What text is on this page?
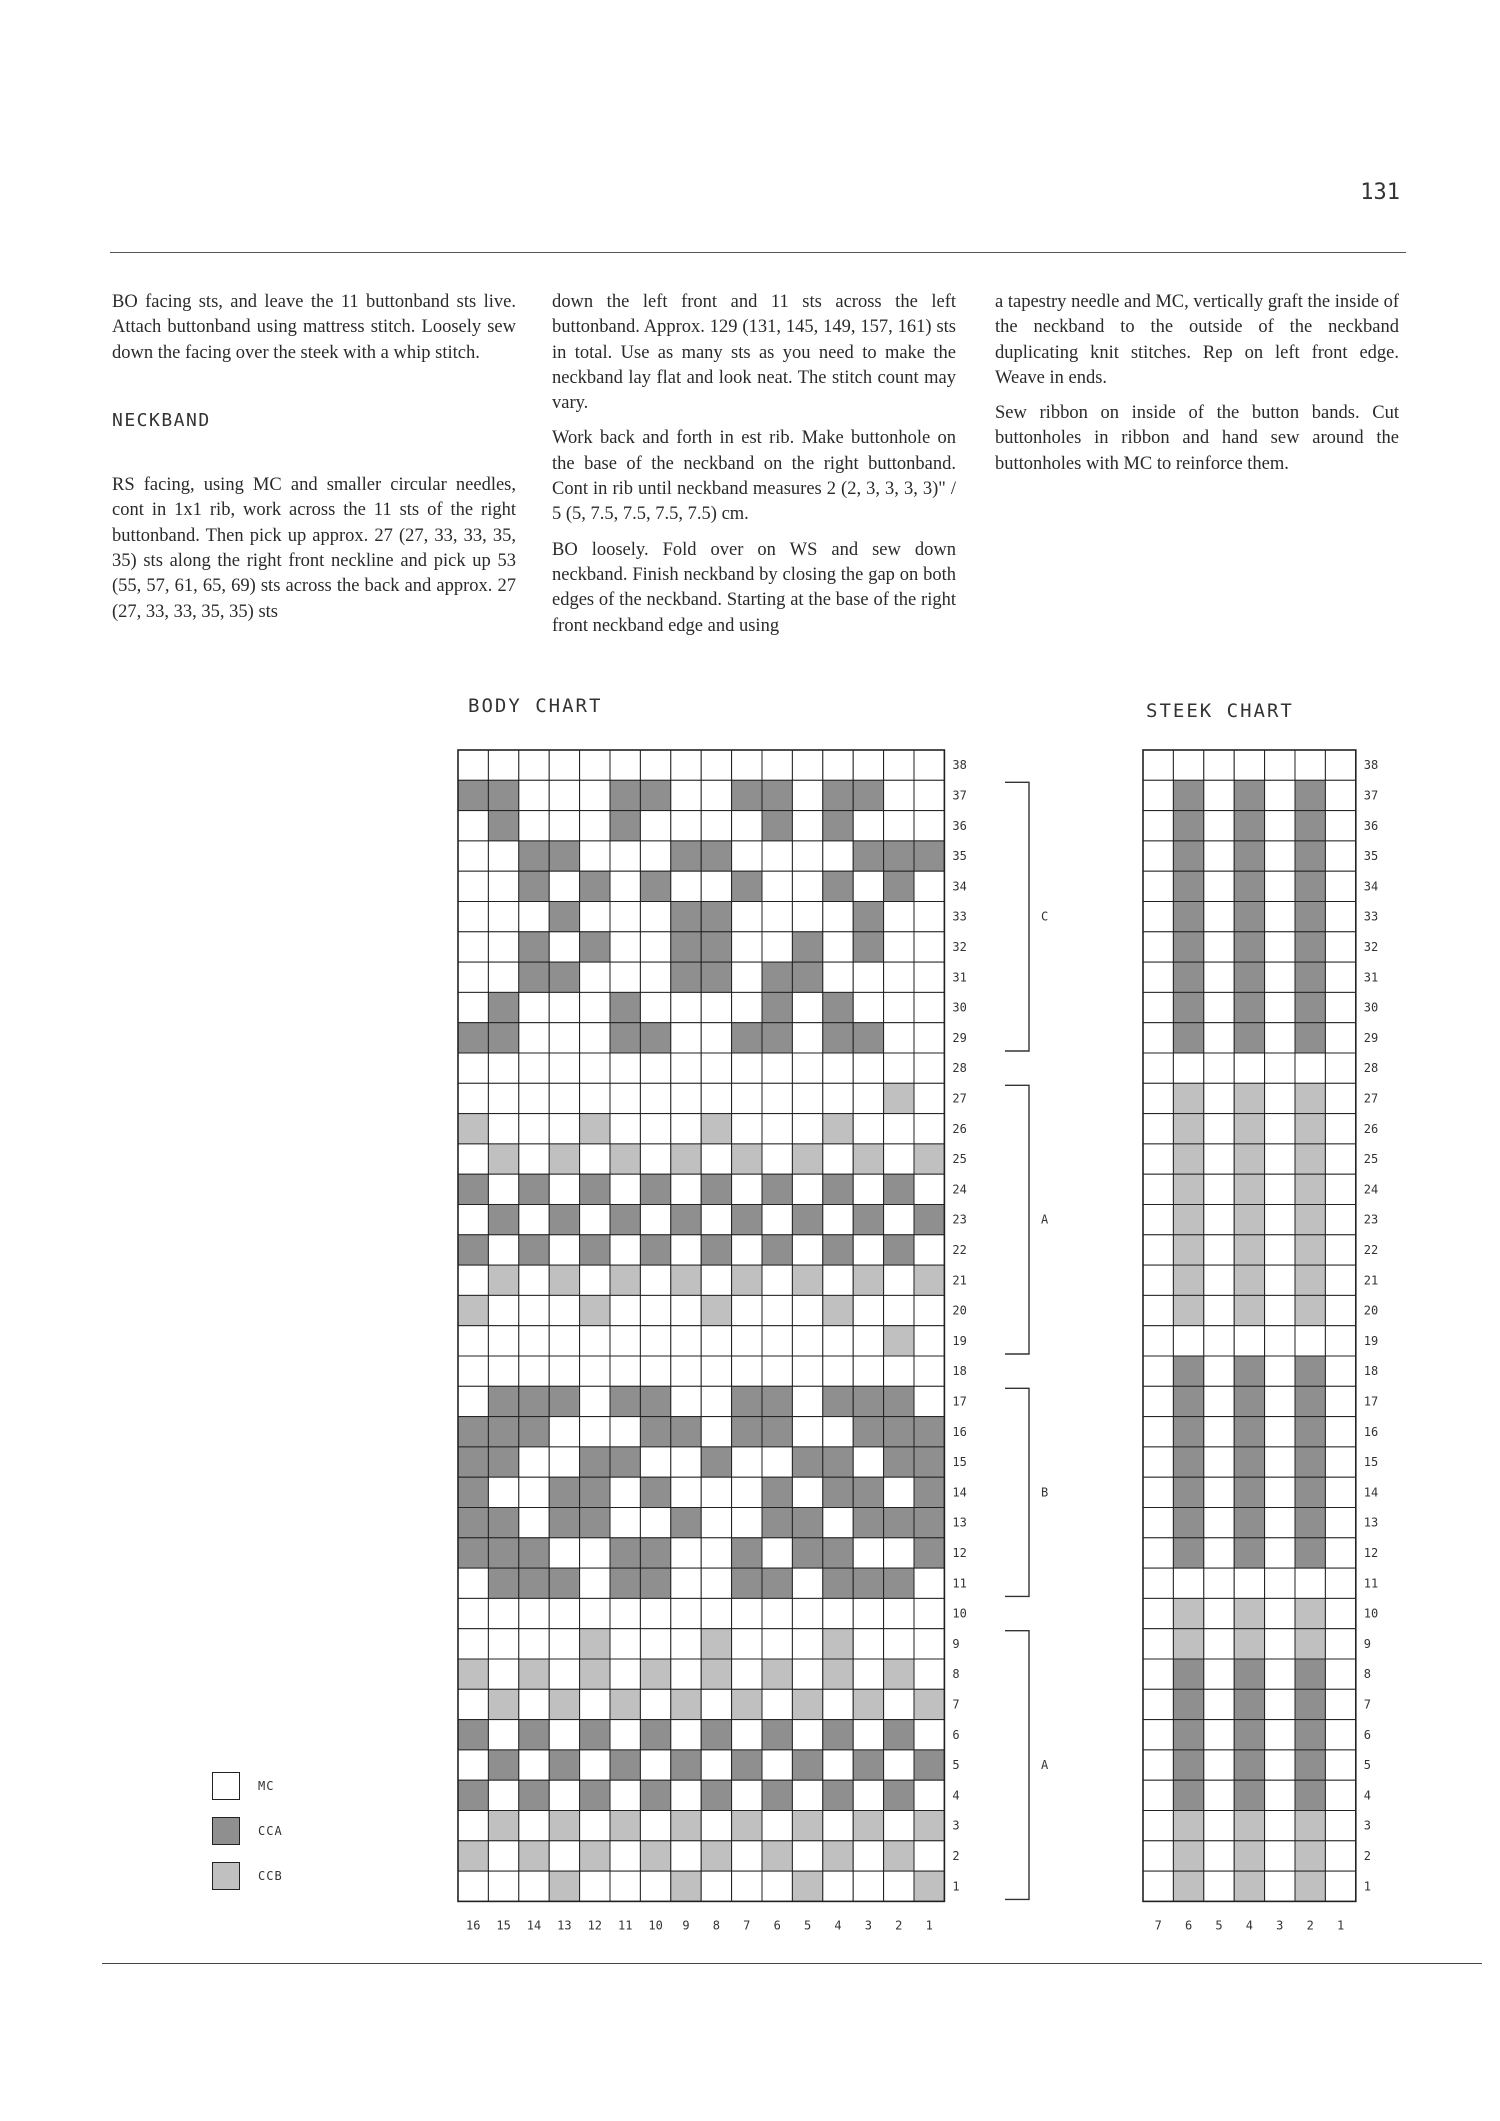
131

BO facing sts, and leave the 11 buttonband sts live. Attach buttonband using mattress stitch. Loosely sew down the facing over the steek with a whip stitch.

NECKBAND

RS facing, using MC and smaller circular needles, cont in 1x1 rib, work across the 11 sts of the right buttonband. Then pick up approx. 27 (27, 33, 33, 35, 35) sts along the right front neckline and pick up 53 (55, 57, 61, 65, 69) sts across the back and approx. 27 (27, 33, 33, 35, 35) sts

down the left front and 11 sts across the left buttonband. Approx. 129 (131, 145, 149, 157, 161) sts in total. Use as many sts as you need to make the neckband lay flat and look neat. The stitch count may vary.

Work back and forth in est rib. Make buttonhole on the base of the neckband on the right buttonband. Cont in rib until neckband measures 2 (2, 3, 3, 3, 3)" / 5 (5, 7.5, 7.5, 7.5, 7.5) cm.

BO loosely. Fold over on WS and sew down neckband. Finish neckband by closing the gap on both edges of the neckband. Starting at the base of the right front neckband edge and using

a tapestry needle and MC, vertically graft the inside of the neckband to the outside of the neckband duplicating knit stitches. Rep on left front edge. Weave in ends.

Sew ribbon on inside of the button bands. Cut buttonholes in ribbon and hand sew around the buttonholes with MC to reinforce them.

BODY CHART	STEEK CHART
38
37
36
35
34
33
32
31
30
29
28
27
26
25
24
23
22
21
20
19
18
17
16
15
14
13
12
11
10
9
8
7
6
5
4
3
2
1
16 15 14 13 12 11 10 9 8 7 6 5 4 3 2 1
C
A
B
A
38
37
36
35
34
33
32
31
30
29
28
27
26
25
24
23
22
21
20
19
18
17
16
15
14
13
12
11
10
9
8
7
6
5
4
3
2
1
7 6 5 4 3 2 1
MC
CCA
CCB
